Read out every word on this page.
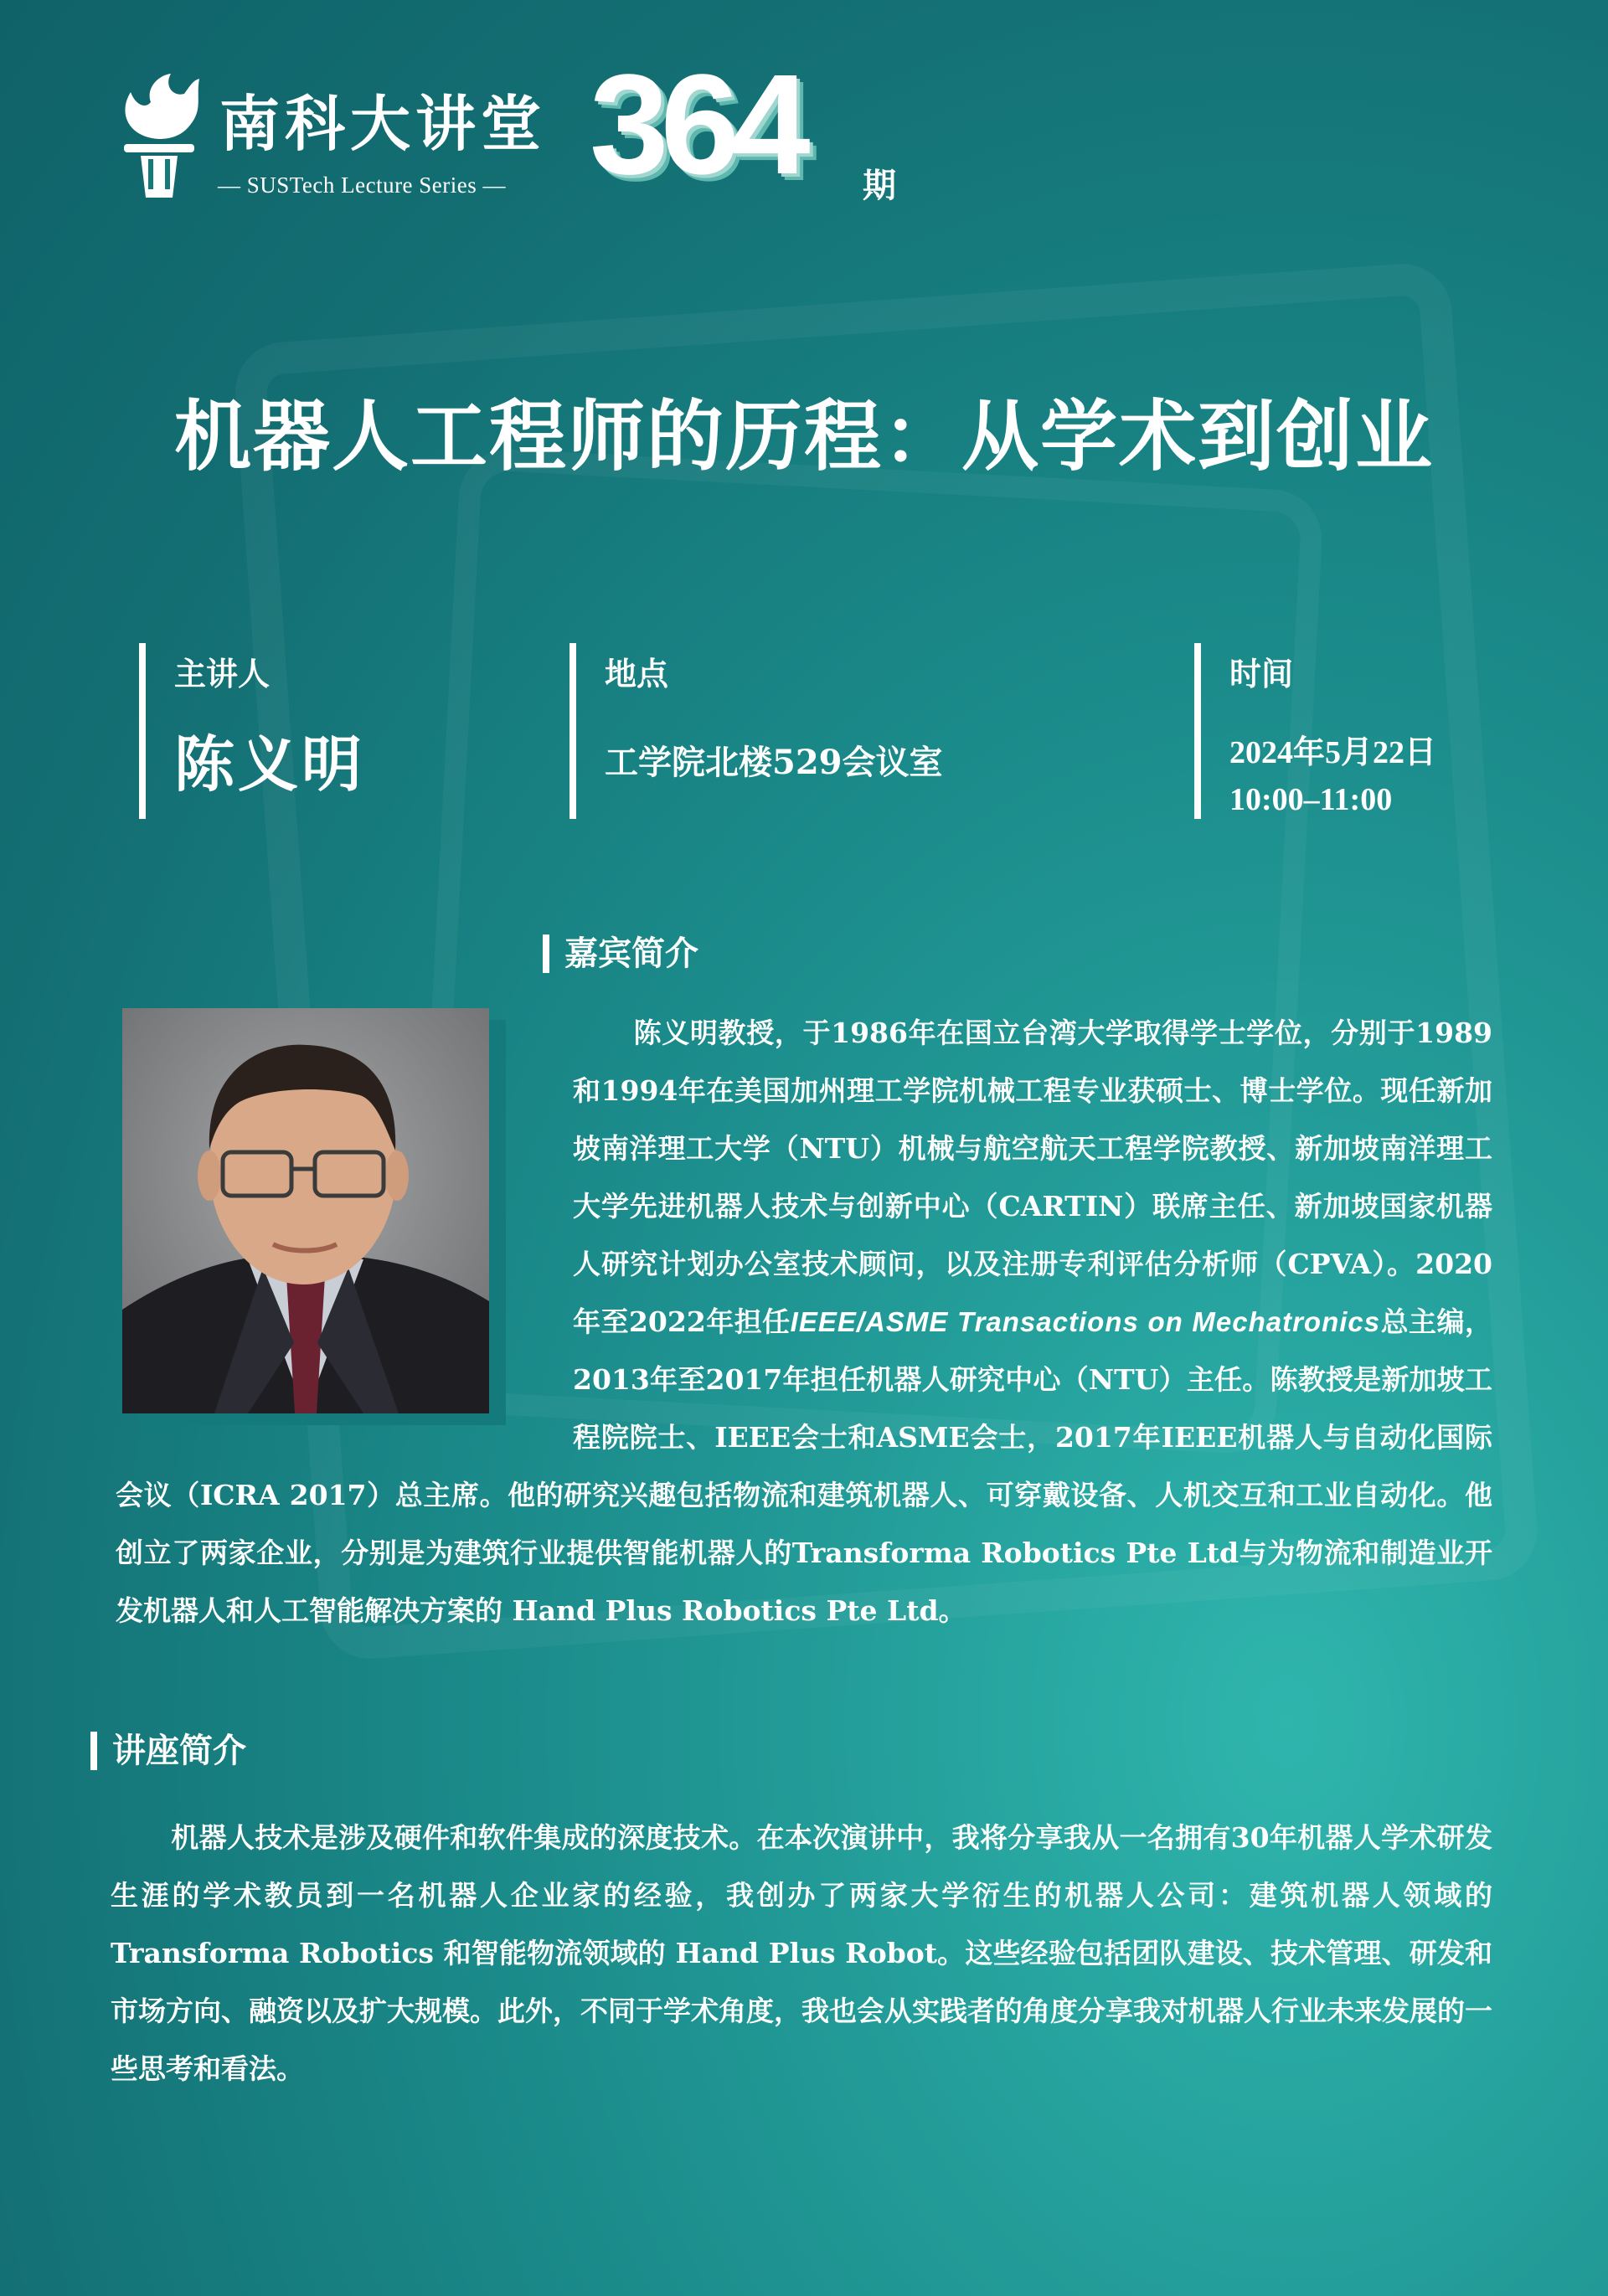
南科大讲堂
— SUSTech Lecture Series — 364 期
机器人工程师的历程：从学术到创业
主讲人
陈义明
地点
工学院北楼529会议室
时间
2024年5月22日
10:00–11:00
嘉宾简介

陈义明教授，于1986年在国立台湾大学取得学士学位，分别于1989和1994年在美国加州理工学院机械工程专业获硕士、博士学位。现任新加坡南洋理工大学（NTU）机械与航空航天工程学院教授、新加坡南洋理工大学先进机器人技术与创新中心（CARTIN）联席主任、新加坡国家机器人研究计划办公室技术顾问，以及注册专利评估分析师（CPVA）。2020年至2022年担任IEEE/ASME Transactions on Mechatronics总主编，2013年至2017年担任机器人研究中心（NTU）主任。陈教授是新加坡工程院院士、IEEE会士和ASME会士，2017年IEEE机器人与自动化国际会议（ICRA 2017）总主席。他的研究兴趣包括物流和建筑机器人、可穿戴设备、人机交互和工业自动化。他创立了两家企业，分别是为建筑行业提供智能机器人的Transforma Robotics Pte Ltd与为物流和制造业开发机器人和人工智能解决方案的 Hand Plus Robotics Pte Ltd。

讲座简介

机器人技术是涉及硬件和软件集成的深度技术。在本次演讲中，我将分享我从一名拥有30年机器人学术研发生涯的学术教员到一名机器人企业家的经验，我创办了两家大学衍生的机器人公司：建筑机器人领域的 Transforma Robotics 和智能物流领域的 Hand Plus Robot。这些经验包括团队建设、技术管理、研发和市场方向、融资以及扩大规模。此外，不同于学术角度，我也会从实践者的角度分享我对机器人行业未来发展的一些思考和看法。
